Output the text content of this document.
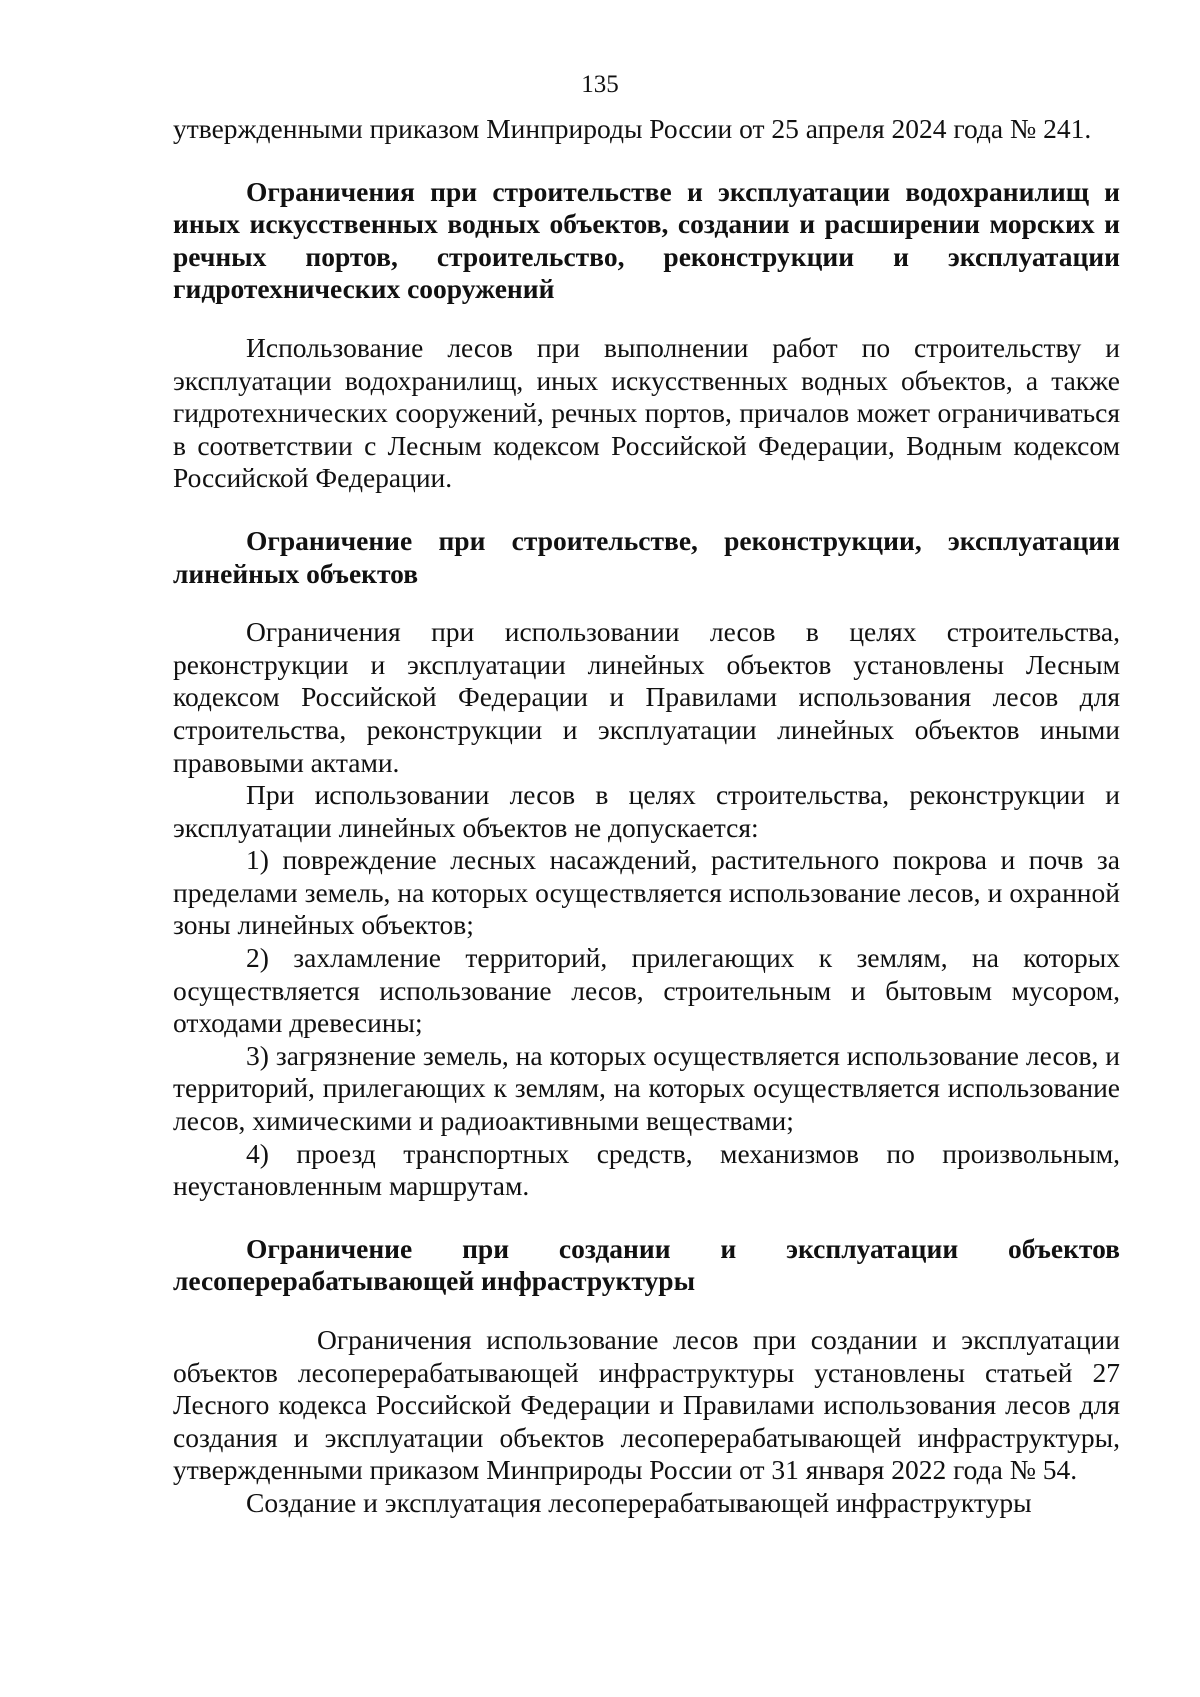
135

утвержденными приказом Минприроды России от 25 апреля 2024 года № 241.

Ограничения при строительстве и эксплуатации водохранилищ и иных искусственных водных объектов, создании и расширении морских и речных портов, строительство, реконструкции и эксплуатации гидротехнических сооружений

Использование лесов при выполнении работ по строительству и эксплуатации водохранилищ, иных искусственных водных объектов, а также гидротехнических сооружений, речных портов, причалов может ограничиваться в соответствии с Лесным кодексом Российской Федерации, Водным кодексом Российской Федерации.

Ограничение при строительстве, реконструкции, эксплуатации линейных объектов

Ограничения при использовании лесов в целях строительства, реконструкции и эксплуатации линейных объектов установлены Лесным кодексом Российской Федерации и Правилами использования лесов для строительства, реконструкции и эксплуатации линейных объектов иными правовыми актами.

При использовании лесов в целях строительства, реконструкции и эксплуатации линейных объектов не допускается:

1) повреждение лесных насаждений, растительного покрова и почв за пределами земель, на которых осуществляется использование лесов, и охранной зоны линейных объектов;

2) захламление территорий, прилегающих к землям, на которых осуществляется использование лесов, строительным и бытовым мусором, отходами древесины;

3) загрязнение земель, на которых осуществляется использование лесов, и территорий, прилегающих к землям, на которых осуществляется использование лесов, химическими и радиоактивными веществами;

4) проезд транспортных средств, механизмов по произвольным, неустановленным маршрутам.

Ограничение при создании и эксплуатации объектов лесоперерабатывающей инфраструктуры

Ограничения использование лесов при создании и эксплуатации объектов лесоперерабатывающей инфраструктуры установлены статьей 27 Лесного кодекса Российской Федерации и Правилами использования лесов для создания и эксплуатации объектов лесоперерабатывающей инфраструктуры, утвержденными приказом Минприроды России от 31 января 2022 года № 54.

Создание и эксплуатация лесоперерабатывающей инфраструктуры
